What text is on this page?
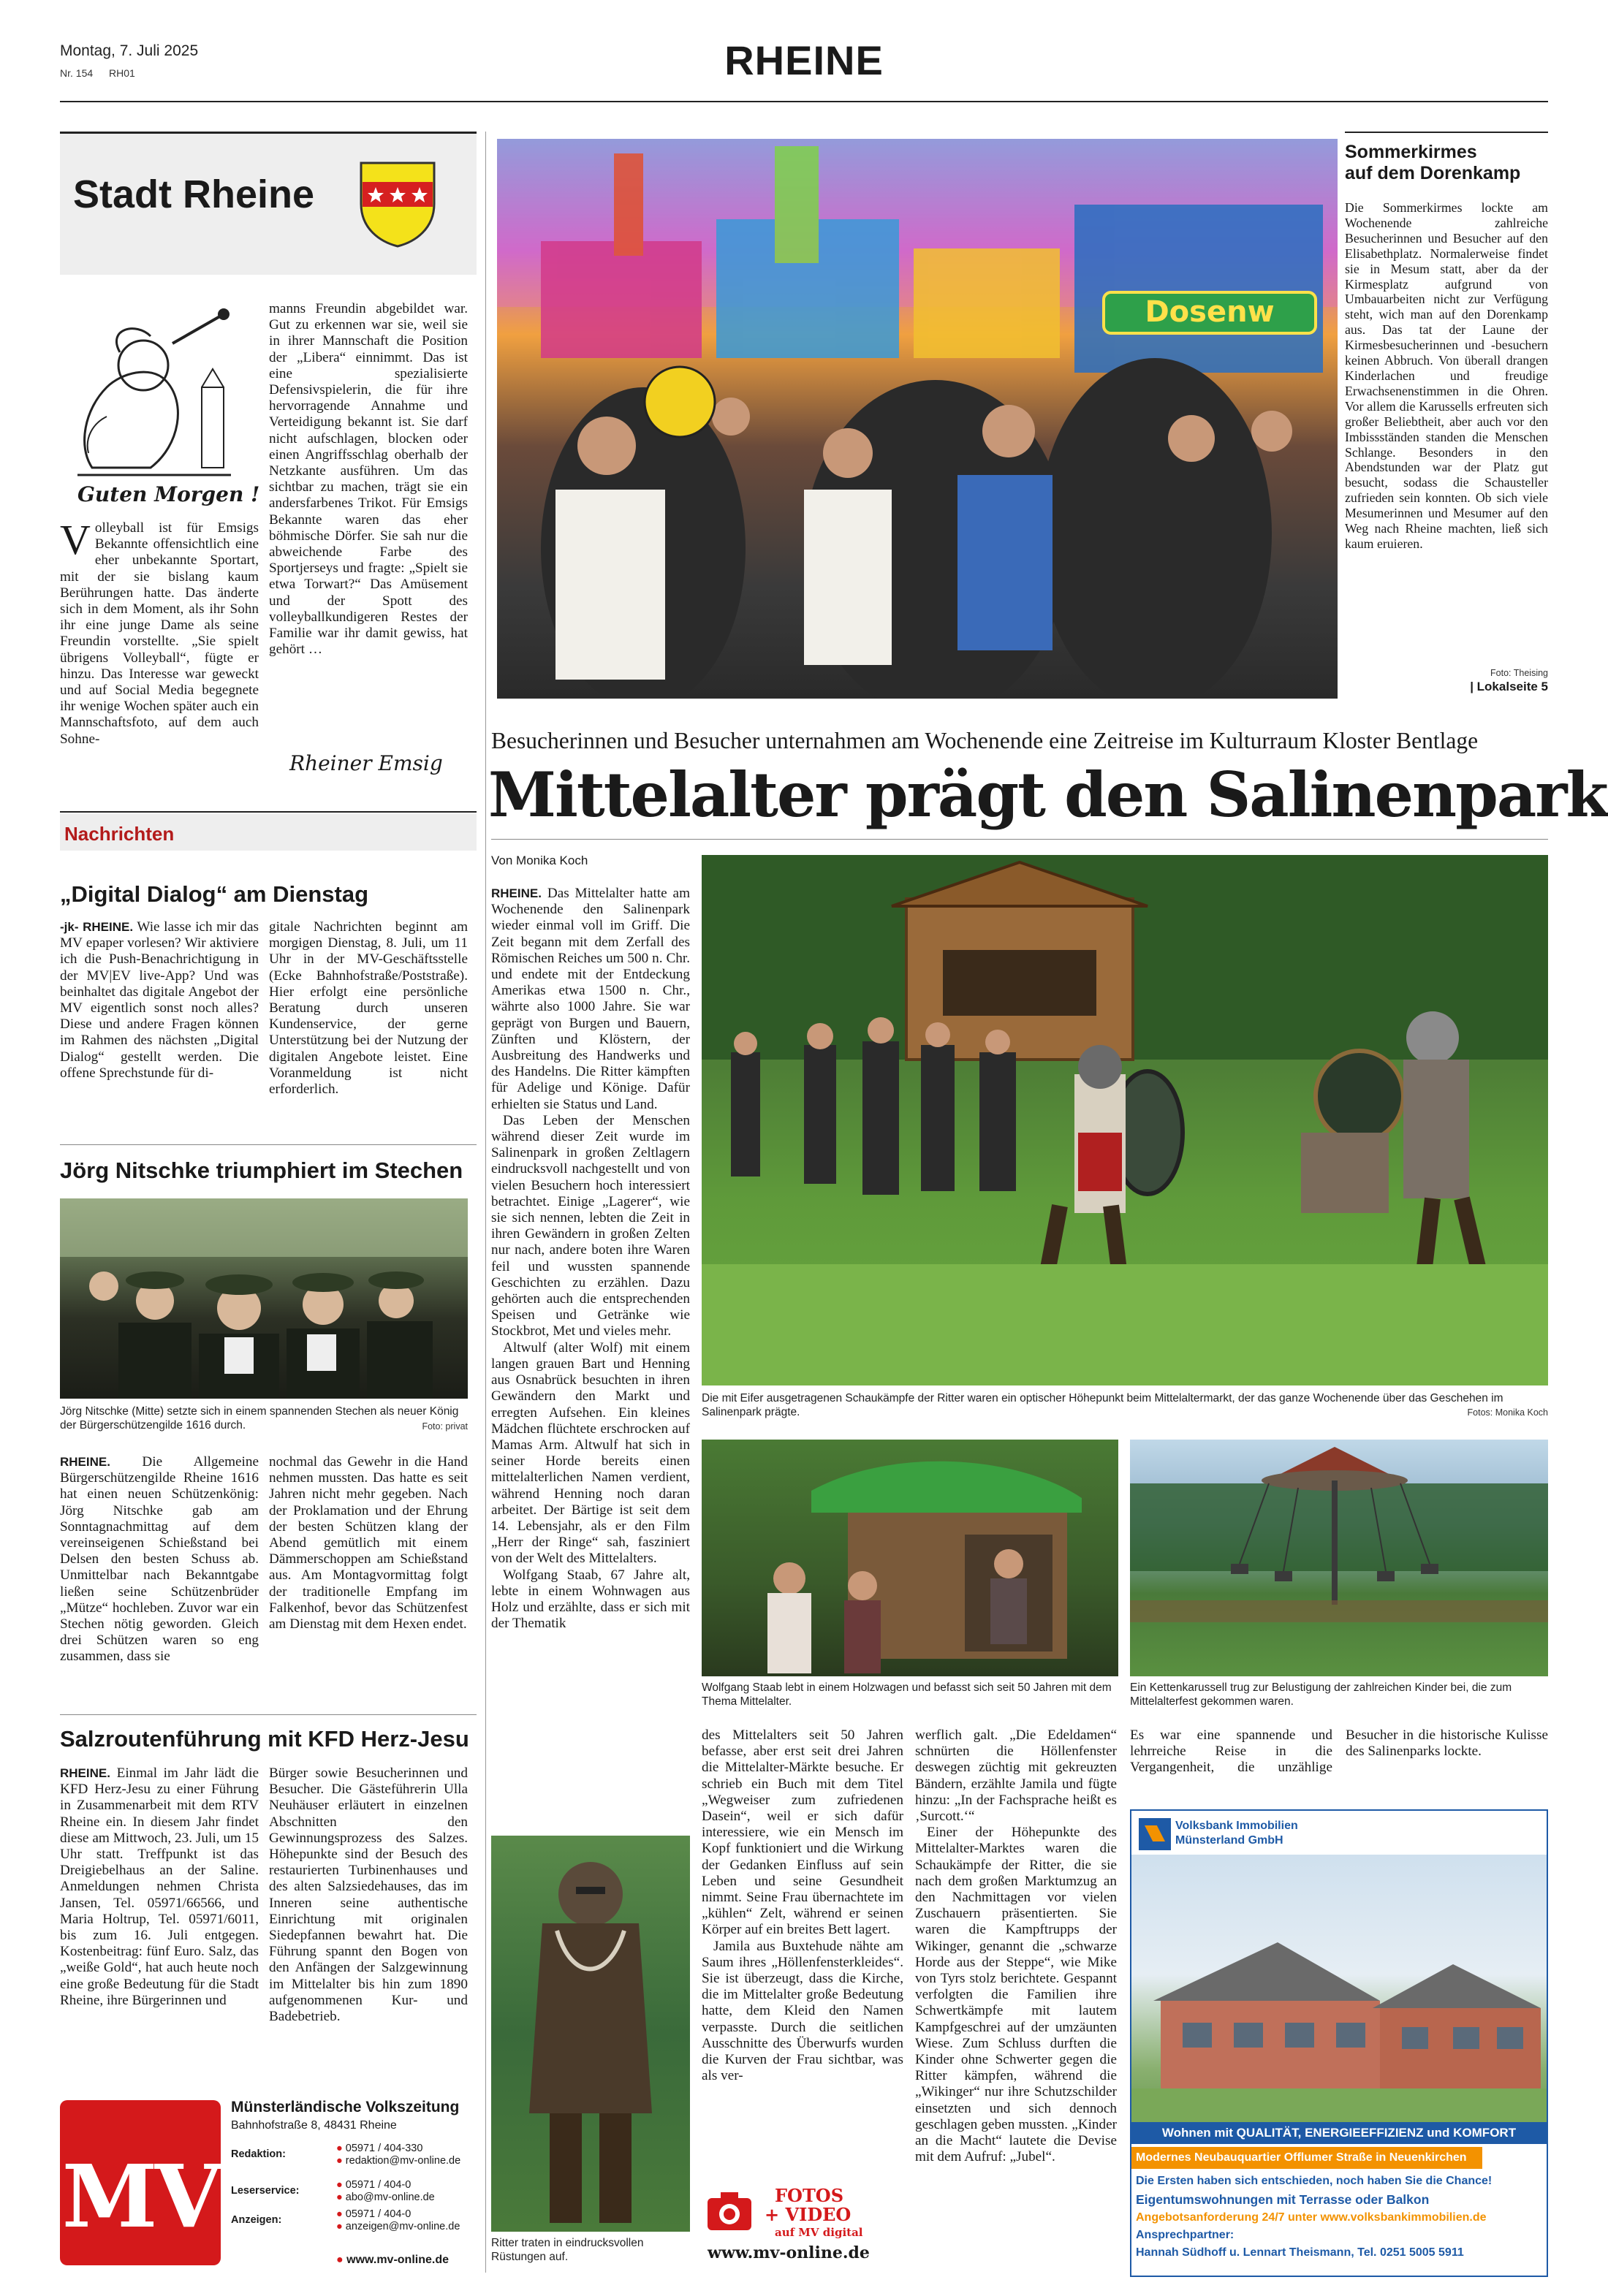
Montag, 7. Juli 2025
Nr. 154 RH01	RHEINE
Stadt Rheine
Guten Morgen !
Volleyball ist für Emsigs Bekannte offensichtlich eine eher unbekannte Sportart, mit der sie bislang kaum Berührungen hatte. Das änderte sich in dem Moment, als ihr Sohn ihr eine junge Dame als seine Freundin vorstellte. „Sie spielt übrigens Volleyball“, fügte er hinzu. Das Interesse war geweckt und auf Social Media begegnete ihr wenige Wochen später auch ein Mannschaftsfoto, auf dem auch Sohne-
manns Freundin abgebildet war. Gut zu erkennen war sie, weil sie in ihrer Mannschaft die Position der „Libera“ einnimmt. Das ist eine spezialisierte Defensivspielerin, die für ihre hervorragende Annahme und Verteidigung bekannt ist. Sie darf nicht aufschlagen, blocken oder einen Angriffsschlag oberhalb der Netzkante ausführen. Um das sichtbar zu machen, trägt sie ein andersfarbenes Trikot. Für Emsigs Bekannte waren das eher böhmische Dörfer. Sie sah nur die abweichende Farbe des Sportjerseys und fragte: „Spielt sie etwa Torwart?“ Das Amüsement und der Spott des volleyballkundigeren Restes der Familie war ihr damit gewiss, hat gehört …
Rheiner Emsig
Nachrichten
„Digital Dialog“ am Dienstag
-jk- RHEINE. Wie lasse ich mir das MV epaper vorlesen? Wir aktiviere ich die Push-Benachrichtigung in der MV|EV live-App? Und was beinhaltet das digitale Angebot der MV eigentlich sonst noch alles? Diese und andere Fragen können im Rahmen des nächsten „Digital Dialog“ gestellt werden. Die offene Sprechstunde für di-
gitale Nachrichten beginnt am morgigen Dienstag, 8. Juli, um 11 Uhr in der MV-Geschäftsstelle (Ecke Bahnhofstraße/Poststraße). Hier erfolgt eine persönliche Beratung durch unseren Kundenservice, der gerne Unterstützung bei der Nutzung der digitalen Angebote leistet. Eine Voranmeldung ist nicht erforderlich.
Jörg Nitschke triumphiert im Stechen
Jörg Nitschke (Mitte) setzte sich in einem spannenden Stechen als neuer König der Bürgerschützengilde 1616 durch.	Foto: privat
RHEINE. Die Allgemeine Bürgerschützengilde Rheine 1616 hat einen neuen Schützenkönig: Jörg Nitschke gab am Sonntagnachmittag auf dem vereinseigenen Schießstand bei Delsen den besten Schuss ab. Unmittelbar nach Bekanntgabe ließen seine Schützenbrüder „Mütze“ hochleben. Zuvor war ein Stechen nötig geworden. Gleich drei Schützen waren so eng zusammen, dass sie
nochmal das Gewehr in die Hand nehmen mussten. Das hatte es seit Jahren nicht mehr gegeben. Nach der Proklamation und der Ehrung der besten Schützen klang der Abend gemütlich mit einem Dämmerschoppen am Schießstand aus. Am Montagvormittag folgt der traditionelle Empfang im Falkenhof, bevor das Schützenfest am Dienstag mit dem Hexen endet.
Salzroutenführung mit KFD Herz-Jesu
RHEINE. Einmal im Jahr lädt die KFD Herz-Jesu zu einer Führung in Zusammenarbeit mit dem RTV Rheine ein. In diesem Jahr findet diese am Mittwoch, 23. Juli, um 15 Uhr statt. Treffpunkt ist das Dreigiebelhaus an der Saline. Anmeldungen nehmen Christa Jansen, Tel. 05971/66566, und Maria Holtrup, Tel. 05971/6011, bis zum 16. Juli entgegen. Kostenbeitrag: fünf Euro. Salz, das „weiße Gold“, hat auch heute noch eine große Bedeutung für die Stadt Rheine, ihre Bürgerinnen und
Bürger sowie Besucherinnen und Besucher. Die Gästeführerin Ulla Neuhäuser erläutert in einzelnen Abschnitten den Gewinnungsprozess des Salzes. Höhepunkte sind der Besuch des restaurierten Turbinenhauses und des alten Salzsiedehauses, das im Inneren seine authentische Einrichtung mit originalen Siedepfannen bewahrt hat. Die Führung spannt den Bogen von den Anfängen der Salzgewinnung im Mittelalter bis hin zum 1890 aufgenommenen Kur- und Badebetrieb.
MV
Münsterländische Volkszeitung
Bahnhofstraße 8, 48431 Rheine
Redaktion:	● 05971 / 404-330
● redaktion@mv-online.de
Leserservice:	● 05971 / 404-0
● abo@mv-online.de
Anzeigen:	● 05971 / 404-0
● anzeigen@mv-online.de
● www.mv-online.de
Dosenw
Sommerkirmes
auf dem Dorenkamp
Die Sommerkirmes lockte am Wochenende zahlreiche Besucherinnen und Besucher auf den Elisabethplatz. Normalerweise findet sie in Mesum statt, aber da der Kirmesplatz aufgrund von Umbauarbeiten nicht zur Verfügung steht, wich man auf den Dorenkamp aus. Das tat der Laune der Kirmesbesucherinnen und -besuchern keinen Abbruch. Von überall drangen Kinderlachen und freudige Erwachsenenstimmen in die Ohren. Vor allem die Karussells erfreuten sich großer Beliebtheit, aber auch vor den Imbissständen standen die Menschen Schlange. Besonders in den Abendstunden war der Platz gut besucht, sodass die Schausteller zufrieden sein konnten. Ob sich viele Mesumerinnen und Mesumer auf den Weg nach Rheine machten, ließ sich kaum eruieren.
Foto: Theising
| Lokalseite 5
Besucherinnen und Besucher unternahmen am Wochenende eine Zeitreise im Kulturraum Kloster Bentlage
Mittelalter prägt den Salinenpark
Von Monika Koch

RHEINE. Das Mittelalter hatte am Wochenende den Salinenpark wieder einmal voll im Griff. Die Zeit begann mit dem Zerfall des Römischen Reiches um 500 n. Chr. und endete mit der Entdeckung Amerikas etwa 1500 n. Chr., währte also 1000 Jahre. Sie war geprägt von Burgen und Bauern, Zünften und Klöstern, der Ausbreitung des Handwerks und des Handelns. Die Ritter kämpften für Adelige und Könige. Dafür erhielten sie Status und Land.

Das Leben der Menschen während dieser Zeit wurde im Salinenpark in großen Zeltlagern eindrucksvoll nachgestellt und von vielen Besuchern hoch interessiert betrachtet. Einige „Lagerer“, wie sie sich nennen, lebten die Zeit in ihren Gewändern in großen Zelten nur nach, andere boten ihre Waren feil und wussten spannende Geschichten zu erzählen. Dazu gehörten auch die entsprechenden Speisen und Getränke wie Stockbrot, Met und vieles mehr.

Altwulf (alter Wolf) mit einem langen grauen Bart und Henning aus Osnabrück besuchten in ihren Gewändern den Markt und erregten Aufsehen. Ein kleines Mädchen flüchtete erschrocken auf Mamas Arm. Altwulf hat sich in seiner Horde bereits einen mittelalterlichen Namen verdient, während Henning noch daran arbeitet. Der Bärtige ist seit dem 14. Lebensjahr, als er den Film „Herr der Ringe“ sah, fasziniert von der Welt des Mittelalters.

Wolfgang Staab, 67 Jahre alt, lebte in einem Wohnwagen aus Holz und erzählte, dass er sich mit der Thematik

Die mit Eifer ausgetragenen Schaukämpfe der Ritter waren ein optischer Höhepunkt beim Mittelaltermarkt, der das ganze Wochenende über das Geschehen im Salinenpark prägte.	Fotos: Monika Koch
Wolfgang Staab lebt in einem Holzwagen und befasst sich seit 50 Jahren mit dem Thema Mittelalter.
Ein Kettenkarussell trug zur Belustigung der zahlreichen Kinder bei, die zum Mittelalterfest gekommen waren.
Ritter traten in eindrucksvollen Rüstungen auf.

des Mittelalters seit 50 Jahren befasse, aber erst seit drei Jahren die Mittelalter-Märkte besuche. Er schrieb ein Buch mit dem Titel „Wegweiser zum zufriedenen Dasein“, weil er sich dafür interessiere, wie ein Mensch im Kopf funktioniert und die Wirkung der Gedanken Einfluss auf sein Leben und seine Gesundheit nimmt. Seine Frau übernachtete im „kühlen“ Zelt, während er seinen Körper auf ein breites Bett lagert.

Jamila aus Buxtehude nähte am Saum ihres „Höllenfensterkleides“. Sie ist überzeugt, dass die Kirche, die im Mittelalter große Bedeutung hatte, dem Kleid den Namen verpasste. Durch die seitlichen Ausschnitte des Überwurfs wurden die Kurven der Frau sichtbar, was als ver-

werflich galt. „Die Edeldamen“ schnürten die Höllenfenster deswegen züchtig mit gekreuzten Bändern, erzählte Jamila und fügte hinzu: „In der Fachsprache heißt es ‚Surcott.‘“

Einer der Höhepunkte des Mittelalter-Marktes waren die Schaukämpfe der Ritter, die sie nach dem großen Marktumzug an den Nachmittagen vor vielen Zuschauern präsentierten. Sie waren die Kampftrupps der Wikinger, genannt die „schwarze Horde aus der Steppe“, wie Mike von Tyrs stolz berichtete. Gespannt verfolgten die Familien ihre Schwertkämpfe mit lautem Kampfgeschrei auf der umzäunten Wiese. Zum Schluss durften die Kinder ohne Schwerter gegen die Ritter kämpfen, während die „Wikinger“ nur ihre Schutzschilder einsetzten und sich dennoch geschlagen geben mussten. „Kinder an die Macht“ lautete die Devise mit dem Aufruf: „Jubel“.

Es war eine spannende und lehrreiche Reise in die Vergangenheit, die unzählige Besucher in die historische Kulisse des Salinenparks lockte.

FOTOS
+ VIDEO
auf MV digital
www.mv-online.de
Volksbank Immobilien
Münsterland GmbH
Wohnen mit QUALITÄT, ENERGIEEFFIZIENZ und KOMFORT
Modernes Neubauquartier Offlumer Straße in Neuenkirchen
Die Ersten haben sich entschieden, noch haben Sie die Chance!
Eigentumswohnungen mit Terrasse oder Balkon
Angebotsanforderung 24/7 unter www.volksbankimmobilien.de
Ansprechpartner:
Hannah Südhoff u. Lennart Theismann, Tel. 0251 5005 5911
